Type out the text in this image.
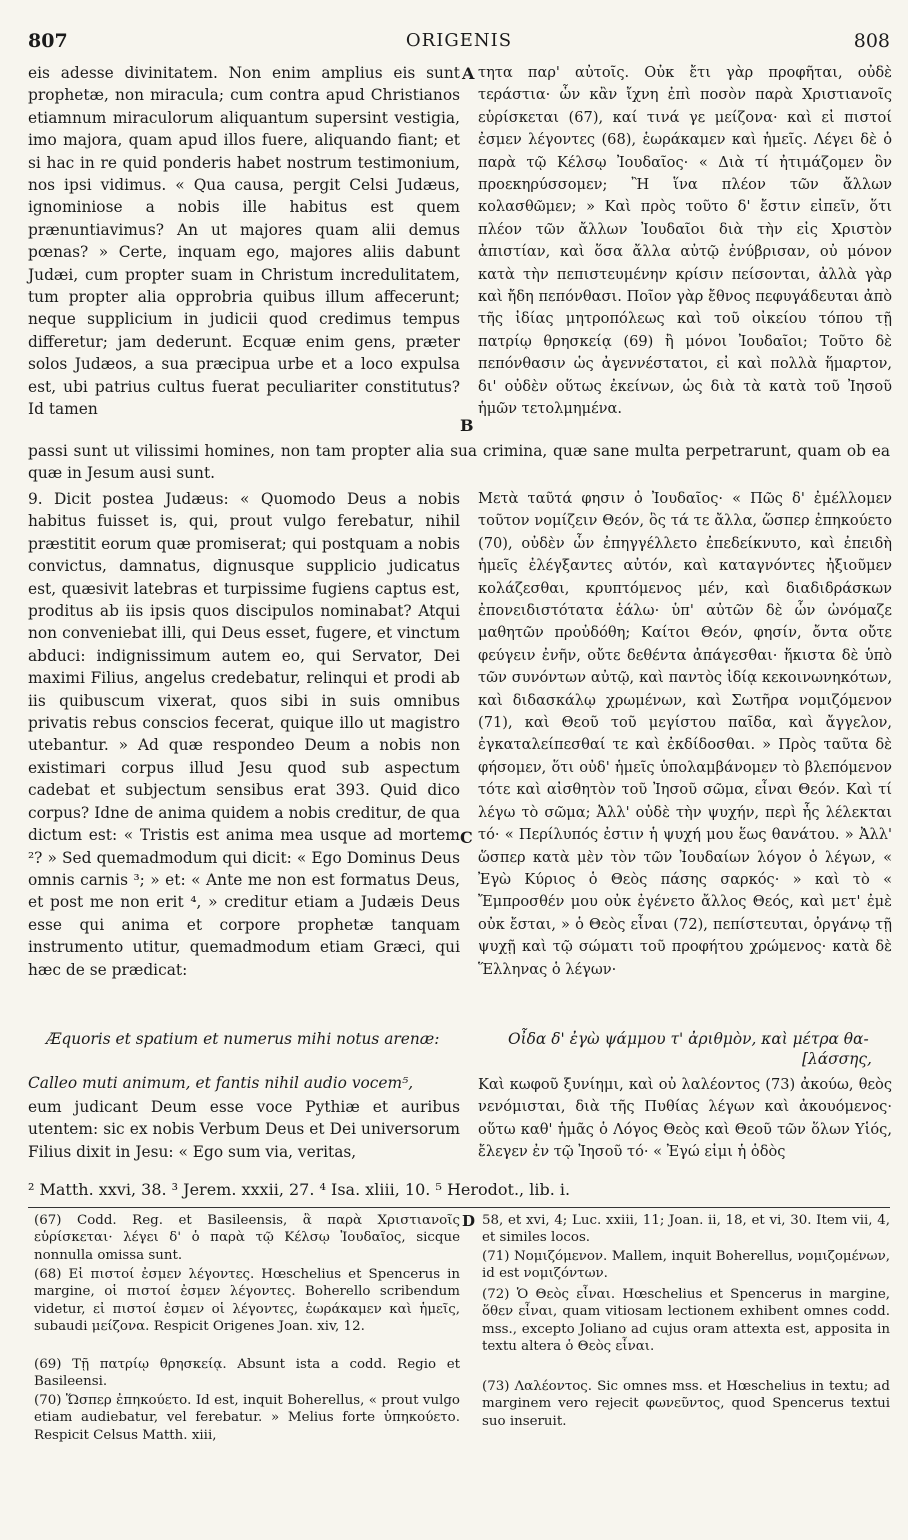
807	ORIGENIS	808

eis adesse divinitatem. Non enim amplius eis sunt prophetæ, non miracula; cum contra apud Christianos etiamnum miraculorum aliquantum supersint vestigia, imo majora, quam apud illos fuere, aliquando fiant; et si hac in re quid ponderis habet nostrum testimonium, nos ipsi vidimus. « Qua causa, pergit Celsi Judæus, ignominiose a nobis ille habitus est quem prænuntiavimus? An ut majores quam alii demus pœnas? » Certe, inquam ego, majores aliis dabunt Judæi, cum propter suam in Christum incredulitatem, tum propter alia opprobria quibus illum affecerunt; neque supplicium in judicii quod credimus tempus differetur; jam dederunt. Ecquæ enim gens, præter solos Judæos, a sua præcipua urbe et a loco expulsa est, ubi patrius cultus fuerat peculiariter constitutus? Id tamen

A τητα παρ' αὐτοῖς. Οὐκ ἔτι γὰρ προφῆται, οὐδὲ τεράστια· ὧν κἂν ἴχνη ἐπὶ ποσὸν παρὰ Χριστιανοῖς εὑρίσκεται (67), καί τινά γε μείζονα· καὶ εἰ πιστοί ἐσμεν λέγοντες (68), ἑωράκαμεν καὶ ἡμεῖς. Λέγει δὲ ὁ παρὰ τῷ Κέλσῳ Ἰουδαῖος· « Διὰ τί ἠτιμάζομεν ὃν προεκηρύσσομεν; Ἢ ἵνα πλέον τῶν ἄλλων κολασθῶμεν; » Καὶ πρὸς τοῦτο δ' ἔστιν εἰπεῖν, ὅτι πλέον τῶν ἄλλων Ἰουδαῖοι διὰ τὴν εἰς Χριστὸν ἀπιστίαν, καὶ ὅσα ἄλλα αὐτῷ ἐνύβρισαν, οὐ μόνον κατὰ τὴν πεπιστευμένην κρίσιν πείσονται, ἀλλὰ γὰρ καὶ ἤδη πεπόνθασι. Ποῖον γὰρ ἔθνος πεφυγάδευται ἀπὸ τῆς ἰδίας μητροπόλεως καὶ τοῦ οἰκείου τόπου τῇ πατρίῳ θρησκείᾳ (69) ἢ μόνοι Ἰουδαῖοι; Τοῦτο δὲ πεπόνθασιν ὡς ἀγεννέστατοι, εἰ καὶ πολλὰ ἥμαρτον, δι' οὐδὲν οὕτως ἐκείνων, ὡς διὰ τὰ κατὰ τοῦ Ἰησοῦ ἡμῶν τετολμημένα.

B

passi sunt ut vilissimi homines, non tam propter alia sua crimina, quæ sane multa perpetrarunt, quam ob ea quæ in Jesum ausi sunt.

9. Dicit postea Judæus: « Quomodo Deus a nobis habitus fuisset is, qui, prout vulgo ferebatur, nihil præstitit eorum quæ promiserat; qui postquam a nobis convictus, damnatus, dignusque supplicio judicatus est, quæsivit latebras et turpissime fugiens captus est, proditus ab iis ipsis quos discipulos nominabat? Atqui non conveniebat illi, qui Deus esset, fugere, et vinctum abduci: indignissimum autem eo, qui Servator, Dei maximi Filius, angelus credebatur, relinqui et prodi ab iis quibuscum vixerat, quos sibi in suis omnibus privatis rebus conscios fecerat, quique illo ut magistro utebantur. » Ad quæ respondeo Deum a nobis non existimari corpus illud Jesu quod sub aspectum cadebat et subjectum sensibus erat 393. Quid dico corpus? Idne de anima quidem a nobis creditur, de qua dictum est: « Tristis est anima mea usque ad mortem ²? » Sed quemadmodum qui dicit: « Ego Dominus Deus omnis carnis ³; » et: « Ante me non est formatus Deus, et post me non erit ⁴, » creditur etiam a Judæis Deus esse qui anima et corpore prophetæ tanquam instrumento utitur, quemadmodum etiam Græci, qui hæc de se prædicat:

C

Μετὰ ταῦτά φησιν ὁ Ἰουδαῖος· « Πῶς δ' ἐμέλλομεν τοῦτον νομίζειν Θεόν, ὃς τά τε ἄλλα, ὥσπερ ἐπηκούετο (70), οὐδὲν ὧν ἐπηγγέλλετο ἐπεδείκνυτο, καὶ ἐπειδὴ ἡμεῖς ἐλέγξαντες αὐτόν, καὶ καταγνόντες ἠξιοῦμεν κολάζεσθαι, κρυπτόμενος μέν, καὶ διαδιδράσκων ἐπονειδιστότατα ἑάλω· ὑπ' αὐτῶν δὲ ὧν ὠνόμαζε μαθητῶν προὐδόθη; Καίτοι Θεόν, φησίν, ὄντα οὔτε φεύγειν ἐνῆν, οὔτε δεθέντα ἀπάγεσθαι· ἥκιστα δὲ ὑπὸ τῶν συνόντων αὐτῷ, καὶ παντὸς ἰδίᾳ κεκοινωνηκότων, καὶ διδασκάλῳ χρωμένων, καὶ Σωτῆρα νομιζόμενον (71), καὶ Θεοῦ τοῦ μεγίστου παῖδα, καὶ ἄγγελον, ἐγκαταλείπεσθαί τε καὶ ἐκδίδοσθαι. » Πρὸς ταῦτα δὲ φήσομεν, ὅτι οὐδ' ἡμεῖς ὑπολαμβάνομεν τὸ βλεπόμενον τότε καὶ αἰσθητὸν τοῦ Ἰησοῦ σῶμα, εἶναι Θεόν. Καὶ τί λέγω τὸ σῶμα; Ἀλλ' οὐδὲ τὴν ψυχήν, περὶ ἧς λέλεκται τό· « Περίλυπός ἐστιν ἡ ψυχή μου ἕως θανάτου. » Ἀλλ' ὥσπερ κατὰ μὲν τὸν τῶν Ἰουδαίων λόγον ὁ λέγων, « Ἐγὼ Κύριος ὁ Θεὸς πάσης σαρκός· » καὶ τὸ « Ἔμπροσθέν μου οὐκ ἐγένετο ἄλλος Θεός, καὶ μετ' ἐμὲ οὐκ ἔσται, » ὁ Θεὸς εἶναι (72), πεπίστευται, ὀργάνῳ τῇ ψυχῇ καὶ τῷ σώματι τοῦ προφήτου χρώμενος· κατὰ δὲ Ἕλληνας ὁ λέγων·

Æquoris et spatium et numerus mihi notus arenæ:	Οἶδα δ' ἐγὼ ψάμμου τ' ἀριθμὸν, καὶ μέτρα θα-
[λάσσης,
Calleo muti animum, et fantis nihil audio vocem⁵,

eum judicant Deum esse voce Pythiæ et auribus utentem: sic ex nobis Verbum Deus et Dei universorum Filius dixit in Jesu: « Ego sum via, veritas,

Καὶ κωφοῦ ξυνίημι, καὶ οὐ λαλέοντος (73) ἀκούω, θεὸς νενόμισται, διὰ τῆς Πυθίας λέγων καὶ ἀκουόμενος· οὕτω καθ' ἡμᾶς ὁ Λόγος Θεὸς καὶ Θεοῦ τῶν ὅλων Υἱός, ἔλεγεν ἐν τῷ Ἰησοῦ τό· « Ἐγώ εἰμι ἡ ὁδὸς

² Matth. xxvi, 38. ³ Jerem. xxxii, 27. ⁴ Isa. xliii, 10. ⁵ Herodot., lib. i.

(67) Codd. Reg. et Basileensis, ἃ παρὰ Χριστιανοῖς εὑρίσκεται· λέγει δ' ὁ παρὰ τῷ Κέλσῳ Ἰουδαῖος, sicque nonnulla omissa sunt.

(68) Εἰ πιστοί ἐσμεν λέγοντες. Hœschelius et Spencerus in margine, οἱ πιστοί ἐσμεν λέγοντες. Boherello scribendum videtur, εἰ πιστοί ἐσμεν οἱ λέγοντες, ἑωράκαμεν καὶ ἡμεῖς, subaudi μείζονα. Respicit Origenes Joan. xiv, 12.

(69) Τῇ πατρίῳ θρησκείᾳ. Absunt ista a codd. Regio et Basileensi.

(70) Ὥσπερ ἐπηκούετο. Id est, inquit Boherellus, « prout vulgo etiam audiebatur, vel ferebatur. » Melius forte ὑπηκούετο. Respicit Celsus Matth. xiii,

D 58, et xvi, 4; Luc. xxiii, 11; Joan. ii, 18, et vi, 30. Item vii, 4, et similes locos.

(71) Νομιζόμενον. Mallem, inquit Boherellus, νομιζομένων, id est νομιζόντων.

(72) Ὁ Θεὸς εἶναι. Hœschelius et Spencerus in margine, ὅθεν εἶναι, quam vitiosam lectionem exhibent omnes codd. mss., excepto Joliano ad cujus oram attexta est, apposita in textu altera ὁ Θεὸς εἶναι.

(73) Λαλέοντος. Sic omnes mss. et Hœschelius in textu; ad marginem vero rejecit φωνεῦντος, quod Spencerus textui suo inseruit.
